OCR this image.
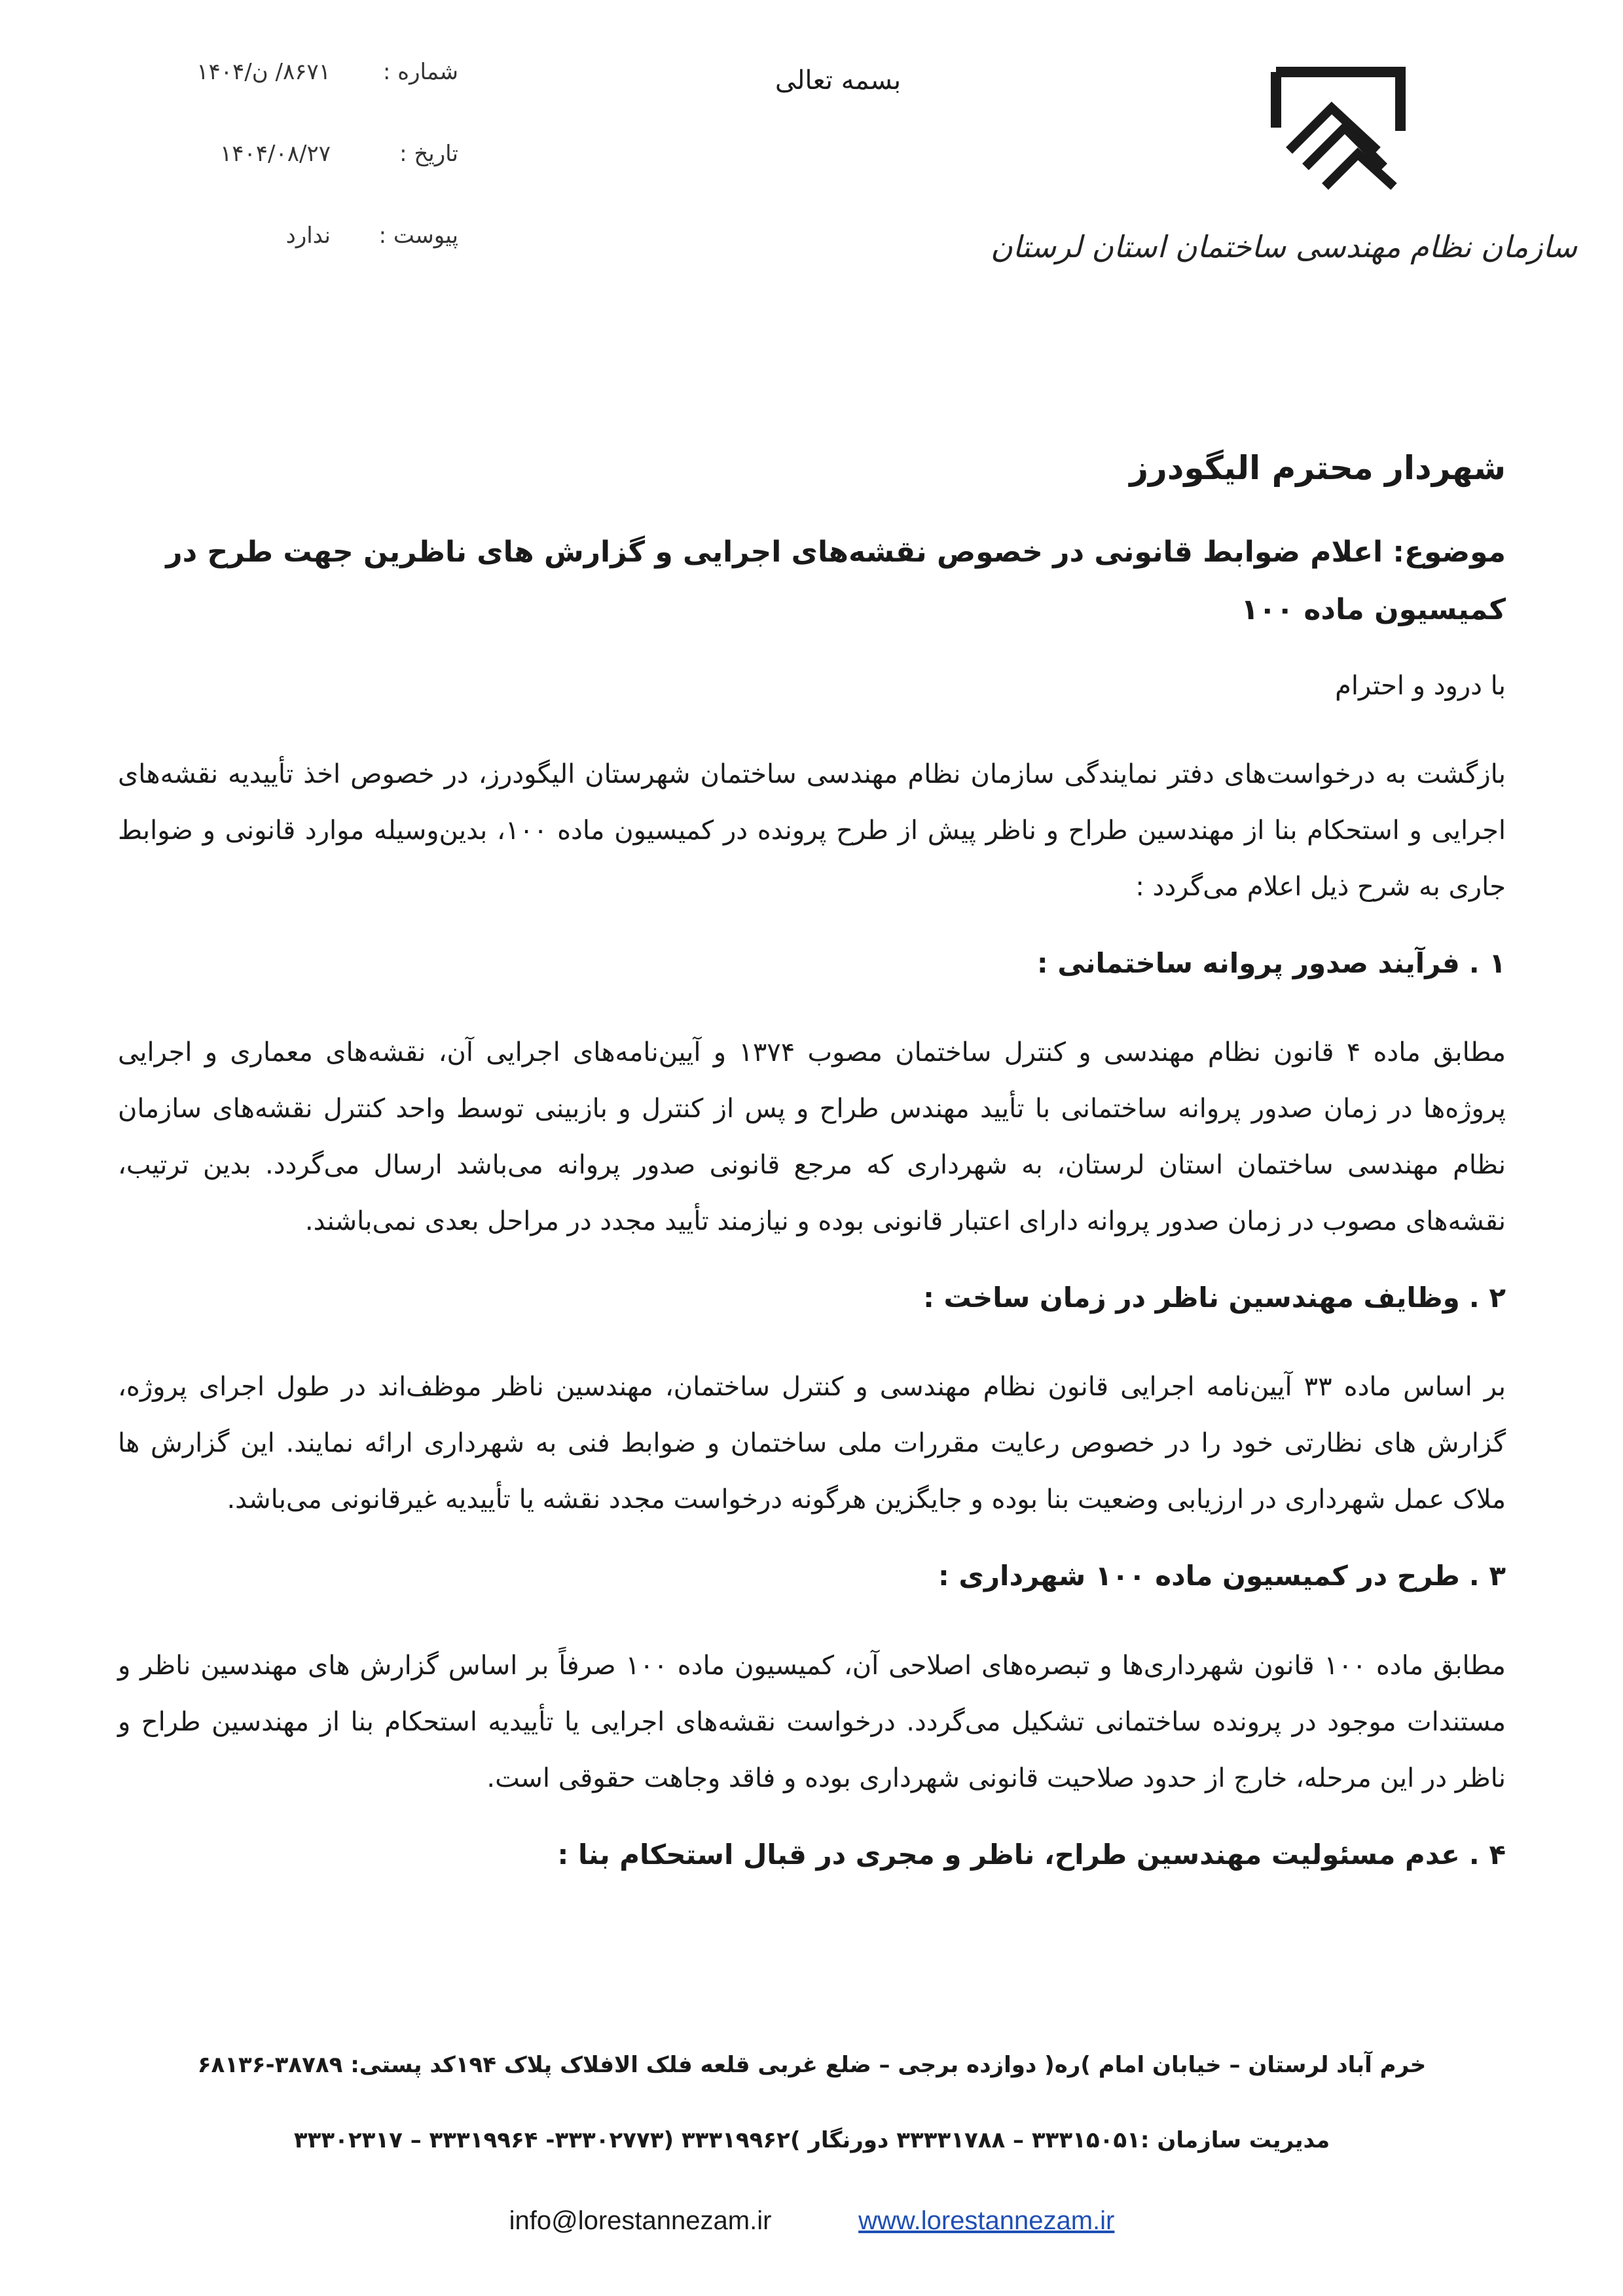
سازمان نظام مهندسی ساختمان استان لرستان
بسمه تعالی
شماره :
۸۶۷۱/ ن/۱۴۰۴
تاریخ :
۱۴۰۴/۰۸/۲۷
پیوست :
ندارد
شهردار محترم الیگودرز
موضوع: اعلام ضوابط قانونی در خصوص نقشه‌های اجرایی و گزارش های ناظرین جهت طرح در کمیسیون ماده ۱۰۰
با درود و احترام
بازگشت به درخواست‌های دفتر نمایندگی سازمان نظام مهندسی ساختمان شهرستان الیگودرز، در خصوص اخذ تأییدیه نقشه‌های اجرایی و استحکام بنا از مهندسین طراح و ناظر پیش از طرح پرونده در کمیسیون ماده ۱۰۰، بدین‌وسیله موارد قانونی و ضوابط جاری به شرح ذیل اعلام می‌گردد :
۱ .فرآیند صدور پروانه ساختمانی :
مطابق ماده ۴ قانون نظام مهندسی و کنترل ساختمان مصوب ۱۳۷۴ و آیین‌نامه‌های اجرایی آن، نقشه‌های معماری و اجرایی پروژه‌ها در زمان صدور پروانه ساختمانی با تأیید مهندس طراح و پس از کنترل و بازبینی توسط واحد کنترل نقشه‌های سازمان نظام مهندسی ساختمان استان لرستان، به شهرداری که مرجع قانونی صدور پروانه می‌باشد ارسال می‌گردد. بدین ترتیب، نقشه‌های مصوب در زمان صدور پروانه دارای اعتبار قانونی بوده و نیازمند تأیید مجدد در مراحل بعدی نمی‌باشند.
۲ .وظایف مهندسین ناظر در زمان ساخت :
بر اساس ماده ۳۳ آیین‌نامه اجرایی قانون نظام مهندسی و کنترل ساختمان، مهندسین ناظر موظف‌اند در طول اجرای پروژه، گزارش های نظارتی خود را در خصوص رعایت مقررات ملی ساختمان و ضوابط فنی به شهرداری ارائه نمایند. این گزارش ها ملاک عمل شهرداری در ارزیابی وضعیت بنا بوده و جایگزین هرگونه درخواست مجدد نقشه یا تأییدیه غیرقانونی می‌باشد.
۳ .طرح در کمیسیون ماده ۱۰۰ شهرداری :
مطابق ماده ۱۰۰ قانون شهرداری‌ها و تبصره‌های اصلاحی آن، کمیسیون ماده ۱۰۰ صرفاً بر اساس گزارش های مهندسین ناظر و مستندات موجود در پرونده ساختمانی تشکیل می‌گردد. درخواست نقشه‌های اجرایی یا تأییدیه استحکام بنا از مهندسین طراح و ناظر در این مرحله، خارج از حدود صلاحیت قانونی شهرداری بوده و فاقد وجاهت حقوقی است.
۴ .عدم مسئولیت مهندسین طراح، ناظر و مجری در قبال استحکام بنا :
خرم آباد لرستان – خیابان امام )ره( دوازده برجی – ضلع غربی قلعه فلک الافلاک پلاک ۱۹۴کد پستی: ۳۸۷۸۹-۶۸۱۳۶
مدیریت سازمان :۳۳۳۱۵۰۵۱ – ۳۳۳۳۱۷۸۸ دورنگار )۳۳۳۱۹۹۶۲ (۳۳۳۰۲۷۷۳- ۳۳۳۱۹۹۶۴ – ۳۳۳۰۲۳۱۷
info@lorestannezam.ir	www.lorestannezam.ir
